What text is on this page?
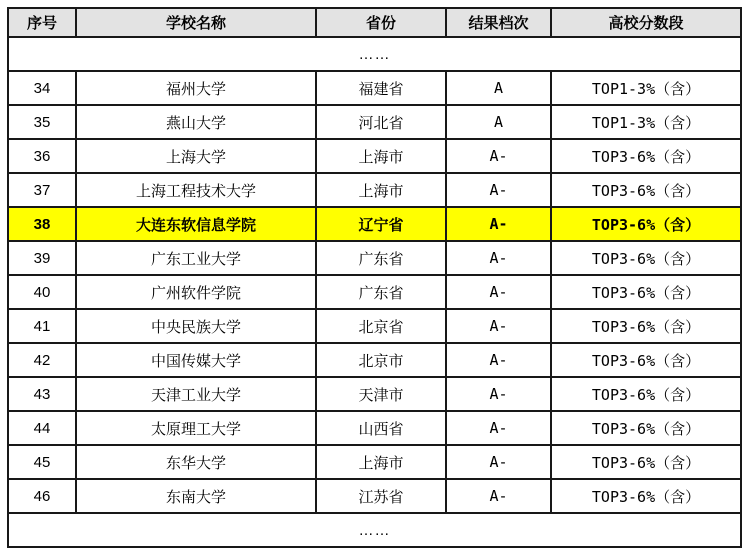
序号	学校名称	省份	结果档次	高校分数段
……				
34	福州大学	福建省	A	TOP1-3%（含）
35	燕山大学	河北省	A	TOP1-3%（含）
36	上海大学	上海市	A-	TOP3-6%（含）
37	上海工程技术大学	上海市	A-	TOP3-6%（含）
38	大连东软信息学院	辽宁省	A-	TOP3-6%（含）
39	广东工业大学	广东省	A-	TOP3-6%（含）
40	广州软件学院	广东省	A-	TOP3-6%（含）
41	中央民族大学	北京省	A-	TOP3-6%（含）
42	中国传媒大学	北京市	A-	TOP3-6%（含）
43	天津工业大学	天津市	A-	TOP3-6%（含）
44	太原理工大学	山西省	A-	TOP3-6%（含）
45	东华大学	上海市	A-	TOP3-6%（含）
46	东南大学	江苏省	A-	TOP3-6%（含）
……				
